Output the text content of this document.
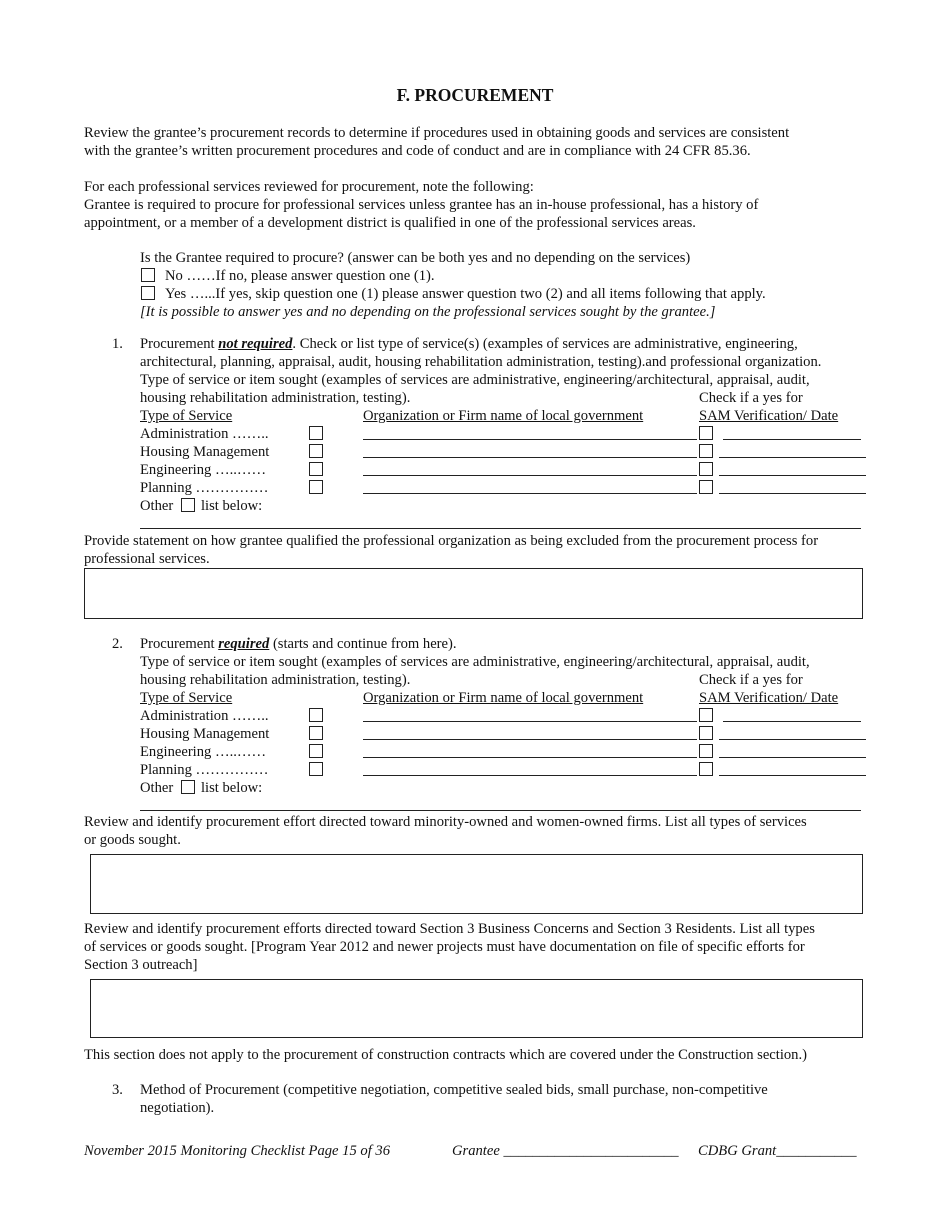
F. PROCUREMENT
Review the grantee’s procurement records to determine if procedures used in obtaining goods and services are consistent
with the grantee’s written procurement procedures and code of conduct and are in compliance with 24 CFR 85.36.
For each professional services reviewed for procurement, note the following:
Grantee is required to procure for professional services unless grantee has an in-house professional, has a history of
appointment, or a member of a development district is qualified in one of the professional services areas.
Is the Grantee required to procure? (answer can be both yes and no depending on the services)
No ……If no, please answer question one (1).
Yes …...If yes, skip question one (1) please answer question two (2) and all items following that apply.
[It is possible to answer yes and no depending on the professional services sought by the grantee.]
1. Procurement not required. Check or list type of service(s) (examples of services are administrative, engineering,
architectural, planning, appraisal, audit, housing rehabilitation administration, testing).and professional organization.
Type of service or item sought (examples of services are administrative, engineering/architectural, appraisal, audit,
housing rehabilitation administration, testing).	Check if a yes for
Type of Service	Organization or Firm name of local government	SAM Verification/ Date
Administration ……..
Housing Management
Engineering …..……
Planning ……………
Other list below:
Provide statement on how grantee qualified the professional organization as being excluded from the procurement process for
professional services.
2. Procurement required (starts and continue from here).
Type of service or item sought (examples of services are administrative, engineering/architectural, appraisal, audit,
housing rehabilitation administration, testing).	Check if a yes for
Type of Service	Organization or Firm name of local government	SAM Verification/ Date
Administration ……..
Housing Management
Engineering …..……
Planning ……………
Other list below:
Review and identify procurement effort directed toward minority-owned and women-owned firms. List all types of services
or goods sought.
Review and identify procurement efforts directed toward Section 3 Business Concerns and Section 3 Residents. List all types
of services or goods sought. [Program Year 2012 and newer projects must have documentation on file of specific efforts for
Section 3 outreach]
This section does not apply to the procurement of construction contracts which are covered under the Construction section.)
3. Method of Procurement (competitive negotiation, competitive sealed bids, small purchase, non-competitive
negotiation).
November 2015 Monitoring Checklist Page 15 of 36	Grantee ________________________ CDBG Grant___________
